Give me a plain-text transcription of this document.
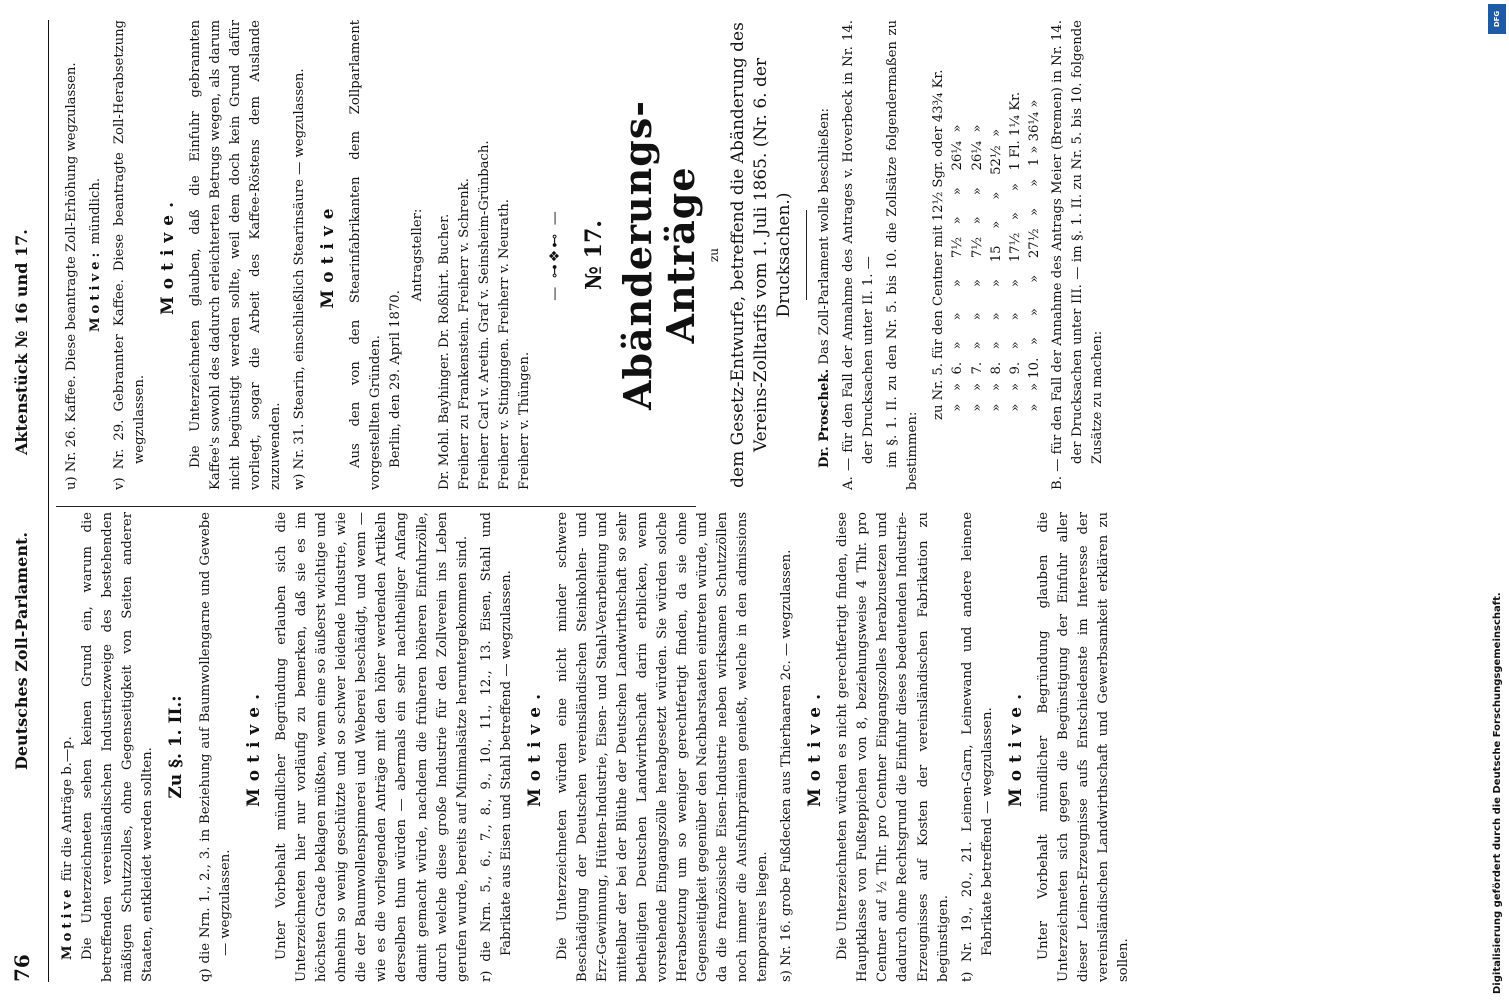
76
Deutsches Zoll-Parlament.
Aktenstück № 16 und 17.

Motive für die Anträge b.—p. Die Unterzeichneten sehen keinen Grund ein, warum die betreffenden vereinsländischen Industriezweige des bestehenden mäßigen Schutzzolles, ohne Gegenseitigkeit von Seiten anderer Staaten, entkleidet werden sollten.

Zu §. 1. II.: q) die Nrn. 1., 2., 3. in Beziehung auf Baumwollengarne und Gewebe — wegzulassen.

Motive. Unter Vorbehalt mündlicher Begründung erlauben sich die Unterzeichneten hier nur vorläufig zu bemerken, daß sie es im höchsten Grade beklagen müßten, wenn eine so äußerst wichtige und ohnehin so wenig geschützte und so schwer leidende Industrie, wie die der Baumwollenspinnerei und Weberei beschädigt, und wenn — wie es die vorliegenden Anträge mit den höher werdenden Artikeln derselben thun würden — abermals ein sehr nachtheiliger Anfang damit gemacht würde, nachdem die früheren höheren Einfuhrzölle, durch welche diese große Industrie für den Zollverein ins Leben gerufen wurde, bereits auf Minimalsätze heruntergekommen sind. r) die Nrn. 5., 6., 7., 8., 9., 10., 11., 12., 13. Eisen, Stahl und Fabrikate aus Eisen und Stahl betreffend — wegzulassen. Motive. Die Unterzeichneten würden eine nicht minder schwere Beschädigung der Deutschen vereinsländischen Steinkohlen- und Erz-Gewinnung, Hütten-Industrie, Eisen- und Stahl-Verarbeitung und mittelbar der bei der Blüthe der Deutschen Landwirthschaft so sehr betheiligten Deutschen Landwirthschaft darin erblicken, wenn vorstehende Eingangszölle herabgesetzt würden. Sie würden solche Herabsetzung um so weniger gerechtfertigt finden, da sie ohne Gegenseitigkeit gegenüber den Nachbarstaaten eintreten würde, und da die französische Eisen-Industrie neben wirksamen Schutzzöllen noch immer die Ausfuhrprämien genießt, welche in den admissions temporaires liegen. s) Nr. 16. grobe Fußdecken aus Thierhaaren 2c. — wegzulassen. Motive. Die Unterzeichneten würden es nicht gerechtfertigt finden, diese Hauptklasse von Fußteppichen von 8, beziehungsweise 4 Thlr. pro Centner auf ½ Thlr. pro Centner Eingangszolles herabzusetzen und dadurch ohne Rechtsgrund die Einfuhr dieses bedeutenden Industrie-Erzeugnisses auf Kosten der vereinsländischen Fabrikation zu begünstigen. t) Nr. 19., 20., 21. Leinen-Garn, Leinewand und andere leinene Fabrikate betreffend — wegzulassen. Motive. Unter Vorbehalt mündlicher Begründung glauben die Unterzeichneten sich gegen die Begünstigung der Einfuhr aller dieser Leinen-Erzeugnisse aufs Entschiedenste im Interesse der vereinsländischen Landwirthschaft und Gewerbsamkeit erklären zu sollen.

u) Nr. 26. Kaffee. Diese beantragte Zoll-Erhöhung wegzulassen. Motive: mündlich. v) Nr. 29. Gebrannter Kaffee. Diese beantragte Zoll-Herabsetzung wegzulassen.

Motive. Die Unterzeichneten glauben, daß die Einfuhr gebrannten Kaffee's sowohl des dadurch erleichterten Betrugs wegen, als darum nicht begünstigt werden sollte, weil dem doch kein Grund dafür vorliegt, sogar die Arbeit des Kaffee-Röstens dem Auslande zuzuwenden. w) Nr. 31. Stearin, einschließlich Stearinsäure — wegzulassen. Motive Aus den von den Stearinfabrikanten dem Zollparlament vorgestellten Gründen. Berlin, den 29. April 1870.

Antragsteller: Dr. Mohl. Bayhinger. Dr. Roßhirt. Bucher. Freiherr zu Frankenstein. Freiherr v. Schrenk. Freiherr Carl v. Aretin. Graf v. Seinsheim-Grünbach. Freiherr v. Stingingen. Freiherr v. Neurath. Freiherr v. Thüngen.
— ⊶❖⊷ — № 17. Abänderungs-Anträge zu dem Gesetz-Entwurfe, betreffend die Abänderung des Vereins-Zolltarifs vom 1. Juli 1865. (Nr. 6. der Drucksachen.)

Dr. Proschek. Das Zoll-Parlament wolle beschließen: A. — für den Fall der Annahme des Antrages v. Hoverbeck in Nr. 14. der Drucksachen unter II. 1. — im §. 1. II. zu den Nr. 5. bis 10. die Zollsätze folgendermaßen zu bestimmen:

zu Nr. 5. für den Centner mit 12½ Sgr. oder 43¾ Kr. »   »  6.   »     »      »     7½   »     »    26¼  » »   »  7.   »     »      »     7½   »     »    26¼  » »   »  8.   »     »      »    15    »     »    52½  » »   »  9.   »     »      »    17½   »     »   1 Fl. 1¼ Kr. »   » 10.   »     »      »    27½   »     »   1 » 36¼ » B. — für den Fall der Annahme des Antrags Meier (Bremen) in Nr. 14. der Drucksachen unter III. — im §. 1. II. zu Nr. 5. bis 10. folgende Zusätze zu machen:

DFG
Digitalisierung gefördert durch die Deutsche Forschungsgemeinschaft.
